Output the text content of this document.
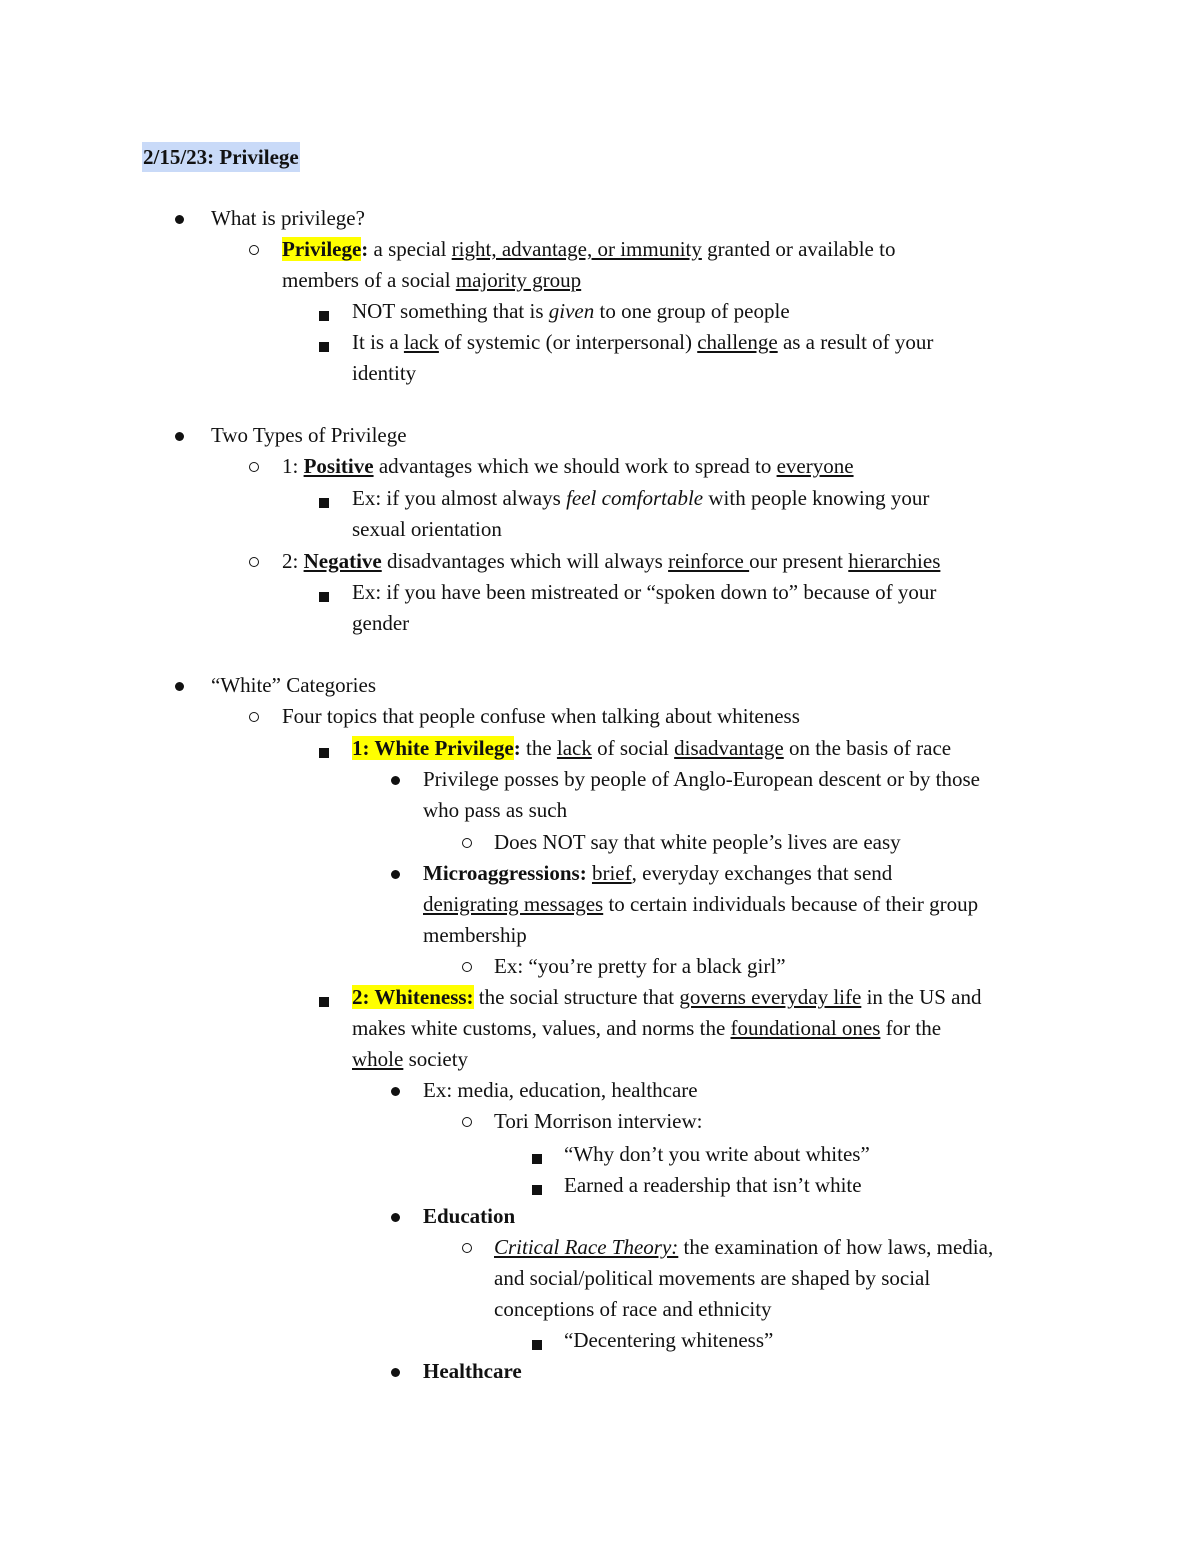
2/15/23: Privilege
What is privilege?
Privilege: a special right, advantage, or immunity granted or available to
members of a social majority group
NOT something that is given to one group of people
It is a lack of systemic (or interpersonal) challenge as a result of your
identity
Two Types of Privilege
1: Positive advantages which we should work to spread to everyone
Ex: if you almost always feel comfortable with people knowing your
sexual orientation
2: Negative disadvantages which will always reinforce our present hierarchies
Ex: if you have been mistreated or “spoken down to” because of your
gender
“White” Categories
Four topics that people confuse when talking about whiteness
1: White Privilege: the lack of social disadvantage on the basis of race
Privilege posses by people of Anglo-European descent or by those
who pass as such
Does NOT say that white people’s lives are easy
Microaggressions: brief, everyday exchanges that send
denigrating messages to certain individuals because of their group
membership
Ex: “you’re pretty for a black girl”
2: Whiteness: the social structure that governs everyday life in the US and
makes white customs, values, and norms the foundational ones for the
whole society
Ex: media, education, healthcare
Tori Morrison interview:
“Why don’t you write about whites”
Earned a readership that isn’t white
Education
Critical Race Theory: the examination of how laws, media,
and social/political movements are shaped by social
conceptions of race and ethnicity
“Decentering whiteness”
Healthcare
